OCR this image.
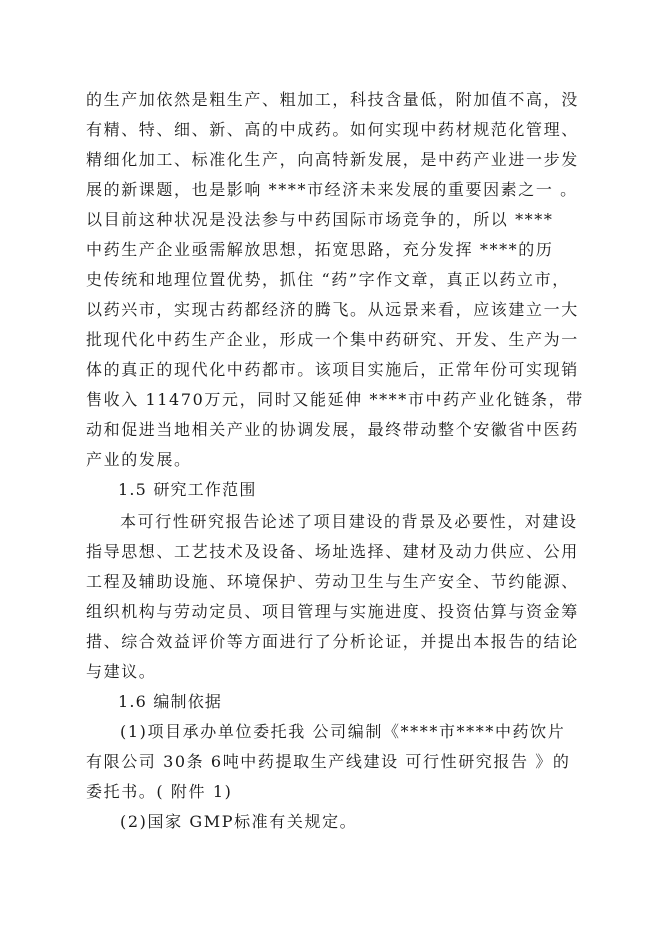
的生产加依然是粗生产、粗加工，科技含量低，附加值不高，没
有精、特、细、新、高的中成药。如何实现中药材规范化管理、
精细化加工、标准化生产，向高特新发展，是中药产业进一步发
展的新课题，也是影响 ****市经济未来发展的重要因素之一 。
以目前这种状况是没法参与中药国际市场竞争的，所以 ****
中药生产企业亟需解放思想，拓宽思路，充分发挥 ****的历
史传统和地理位置优势，抓住 “药”字作文章，真正以药立市，
以药兴市，实现古药都经济的腾飞。从远景来看，应该建立一大
批现代化中药生产企业，形成一个集中药研究、开发、生产为一
体的真正的现代化中药都市。该项目实施后，正常年份可实现销
售收入 11470万元，同时又能延伸 ****市中药产业化链条，带
动和促进当地相关产业的协调发展，最终带动整个安徽省中医药
产业的发展。
1.5 研究工作范围
本可行性研究报告论述了项目建设的背景及必要性，对建设
指导思想、工艺技术及设备、场址选择、建材及动力供应、公用
工程及辅助设施、环境保护、劳动卫生与生产安全、节约能源、
组织机构与劳动定员、项目管理与实施进度、投资估算与资金筹
措、综合效益评价等方面进行了分析论证，并提出本报告的结论
与建议。
1.6 编制依据
(1)项目承办单位委托我 公司编制《****市****中药饮片
有限公司 30条 6吨中药提取生产线建设 可行性研究报告 》的
委托书。( 附件 1)
(2)国家 GMP标准有关规定。
